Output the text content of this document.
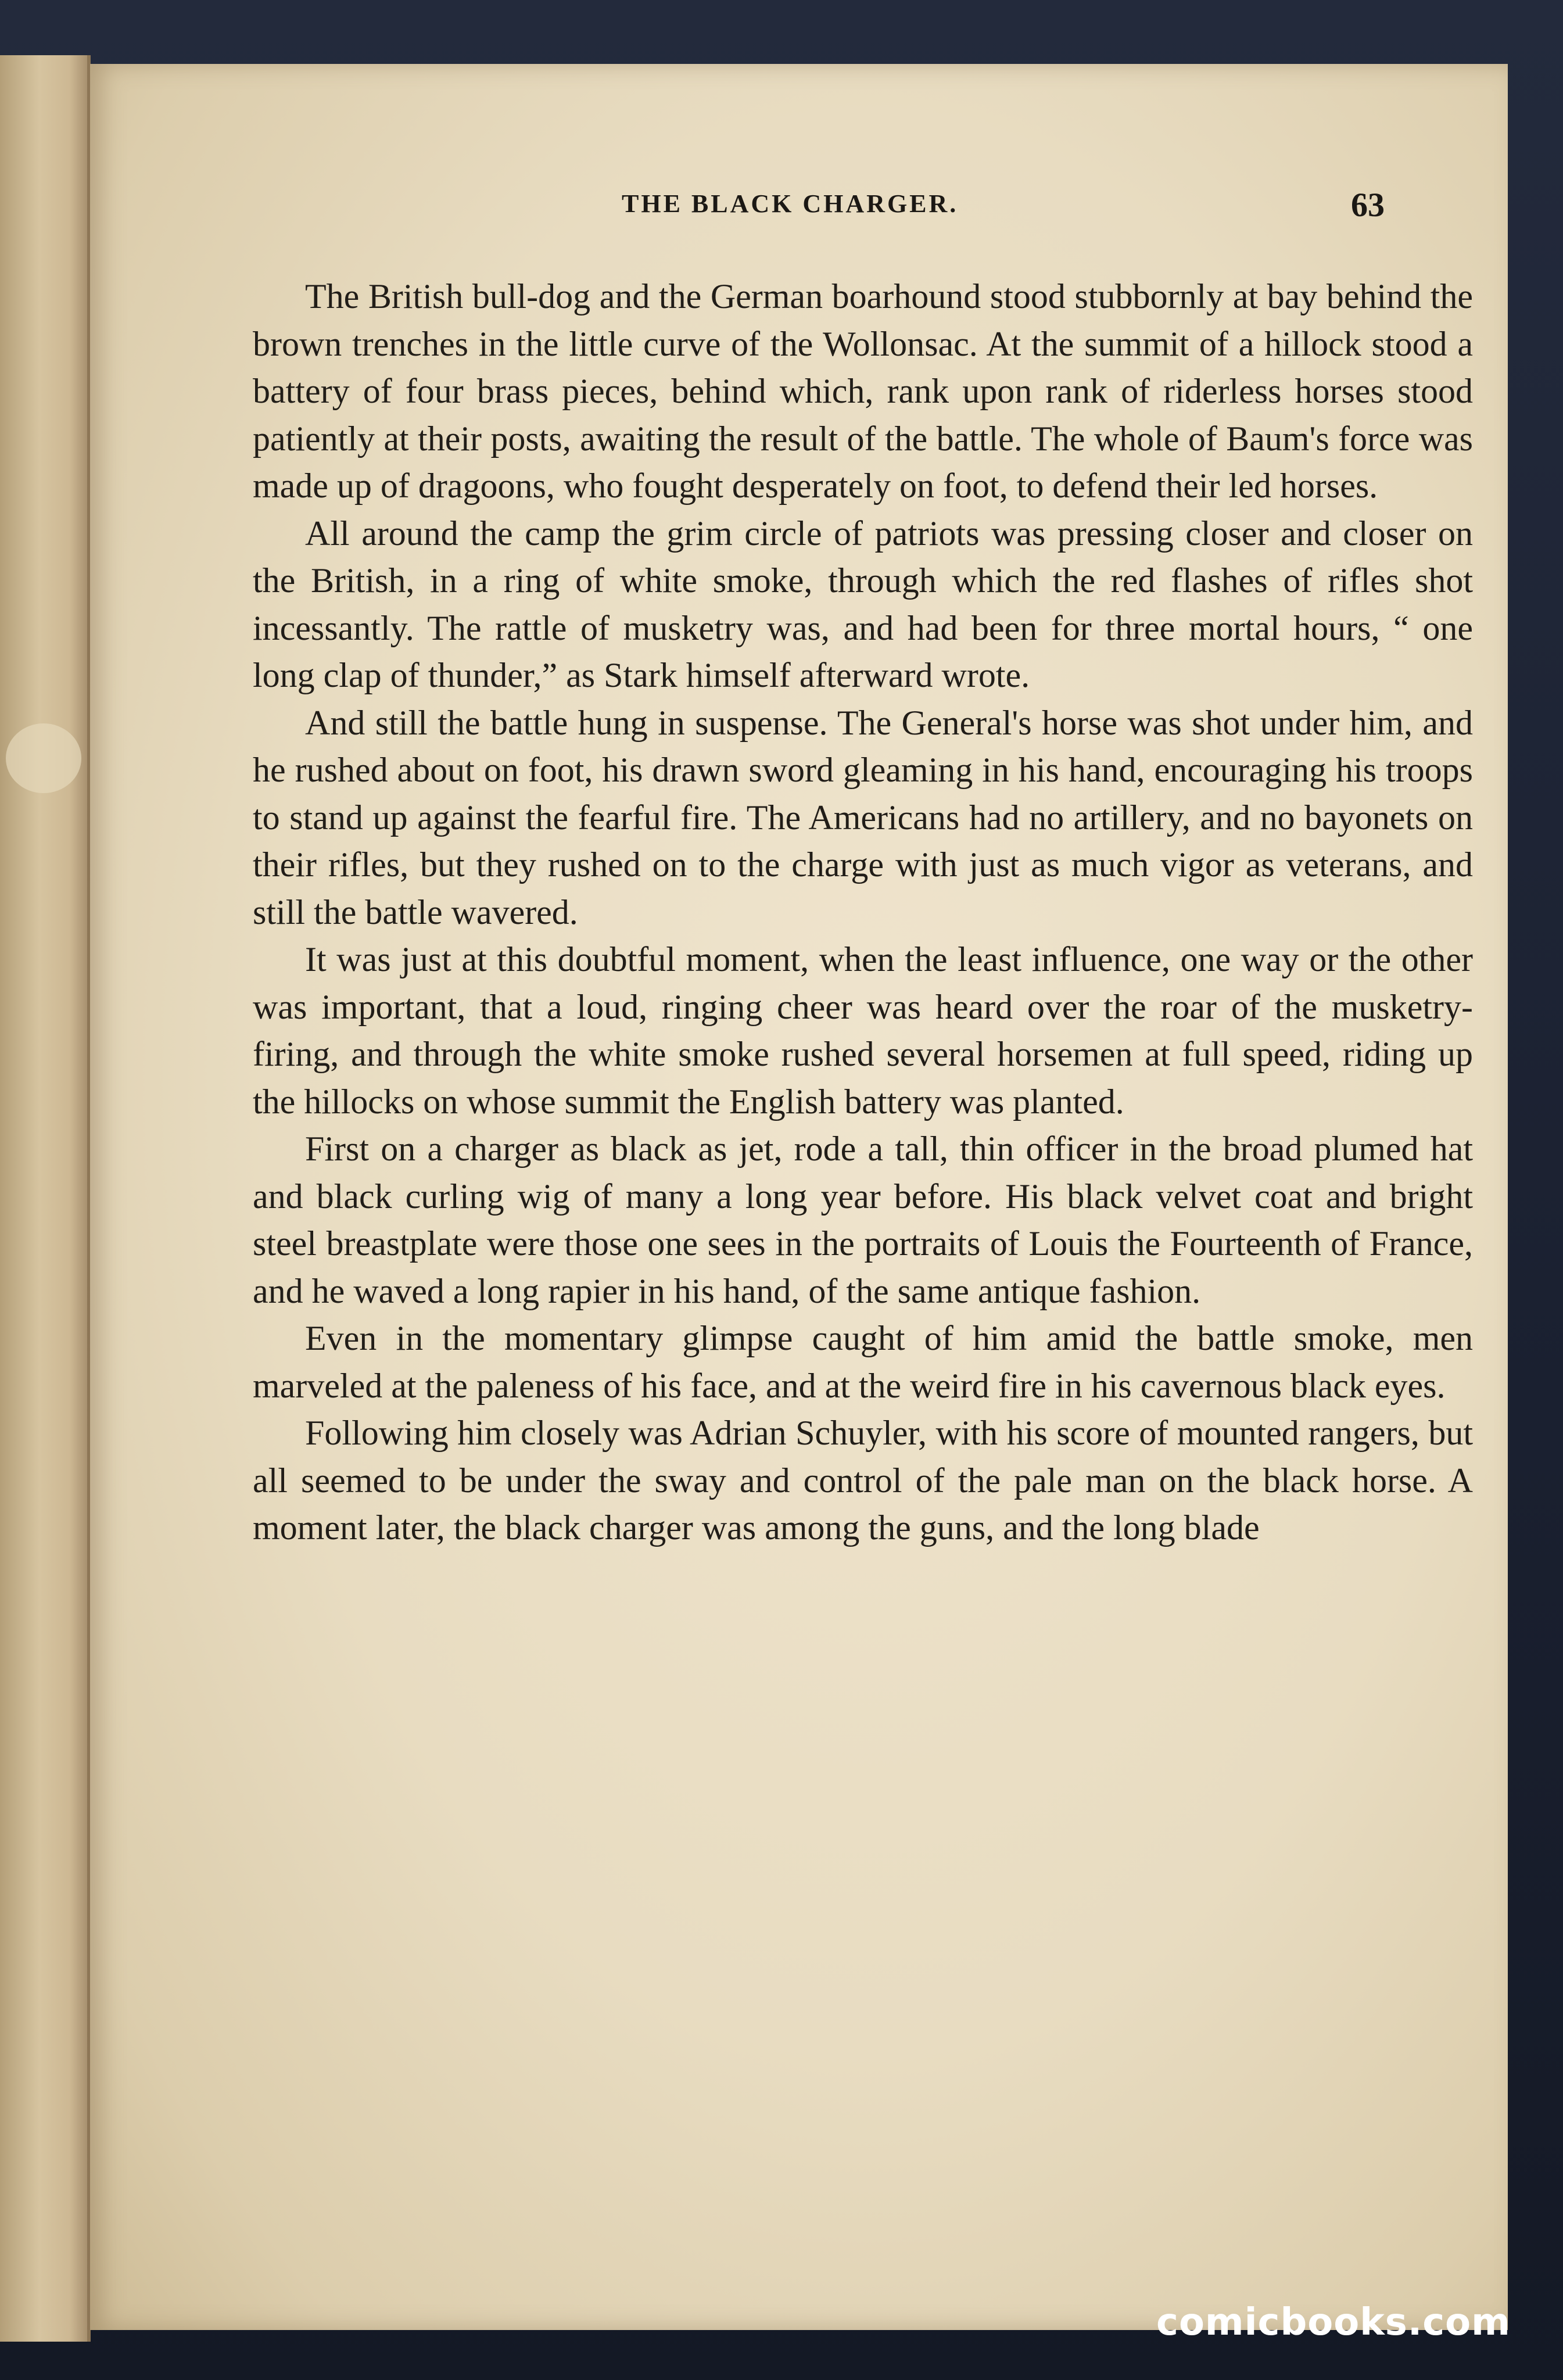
THE BLACK CHARGER.	63

The British bull-dog and the German boarhound stood stubbornly at bay behind the brown trenches in the little curve of the Wollonsac. At the summit of a hillock stood a battery of four brass pieces, behind which, rank upon rank of riderless horses stood patiently at their posts, awaiting the result of the battle. The whole of Baum's force was made up of dragoons, who fought desperately on foot, to defend their led horses.

All around the camp the grim circle of patriots was pressing closer and closer on the British, in a ring of white smoke, through which the red flashes of rifles shot incessantly. The rattle of musketry was, and had been for three mortal hours, “ one long clap of thunder,” as Stark himself afterward wrote.

And still the battle hung in suspense. The General's horse was shot under him, and he rushed about on foot, his drawn sword gleaming in his hand, encouraging his troops to stand up against the fearful fire. The Americans had no artillery, and no bayonets on their rifles, but they rushed on to the charge with just as much vigor as veterans, and still the battle wavered.

It was just at this doubtful moment, when the least influence, one way or the other was important, that a loud, ringing cheer was heard over the roar of the musketry-firing, and through the white smoke rushed several horsemen at full speed, riding up the hillocks on whose summit the English battery was planted.

First on a charger as black as jet, rode a tall, thin officer in the broad plumed hat and black curling wig of many a long year before. His black velvet coat and bright steel breastplate were those one sees in the portraits of Louis the Fourteenth of France, and he waved a long rapier in his hand, of the same antique fashion.

Even in the momentary glimpse caught of him amid the battle smoke, men marveled at the paleness of his face, and at the weird fire in his cavernous black eyes.

Following him closely was Adrian Schuyler, with his score of mounted rangers, but all seemed to be under the sway and control of the pale man on the black horse. A moment later, the black charger was among the guns, and the long blade

comicbooks.com
